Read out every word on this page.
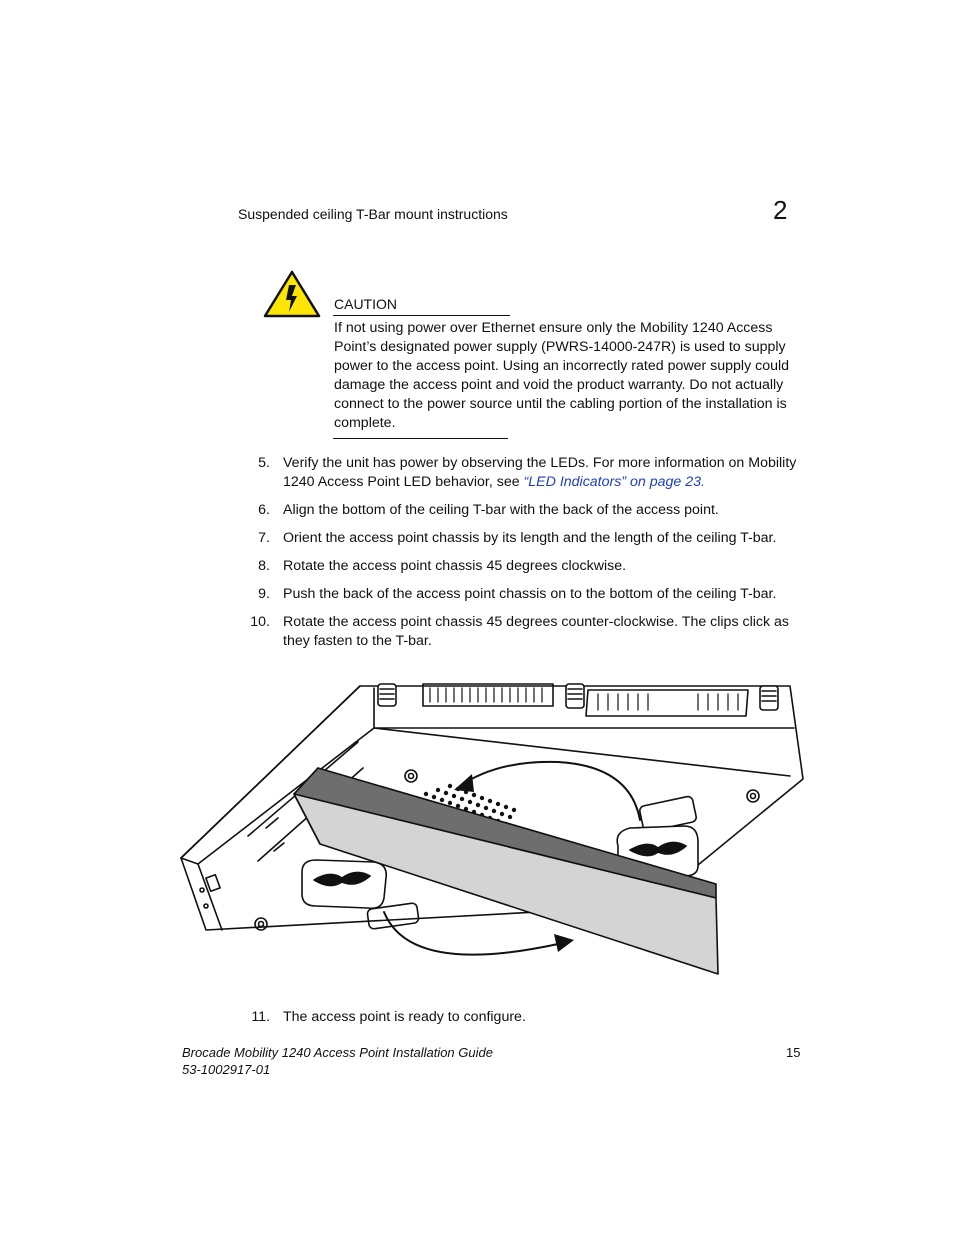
Suspended ceiling T-Bar mount instructions	2
CAUTION
If not using power over Ethernet ensure only the Mobility 1240 Access Point’s designated power supply (PWRS-14000-247R) is used to supply power to the access point. Using an incorrectly rated power supply could damage the access point and void the product warranty. Do not actually connect to the power source until the cabling portion of the installation is complete.
5. Verify the unit has power by observing the LEDs. For more information on Mobility 1240 Access Point LED behavior, see “LED Indicators” on page 23.
6. Align the bottom of the ceiling T-bar with the back of the access point.
7. Orient the access point chassis by its length and the length of the ceiling T-bar.
8. Rotate the access point chassis 45 degrees clockwise.
9. Push the back of the access point chassis on to the bottom of the ceiling T-bar.
10. Rotate the access point chassis 45 degrees counter-clockwise. The clips click as they fasten to the T-bar.
11. The access point is ready to configure.
Brocade Mobility 1240 Access Point Installation Guide
53-1002917-01
15
